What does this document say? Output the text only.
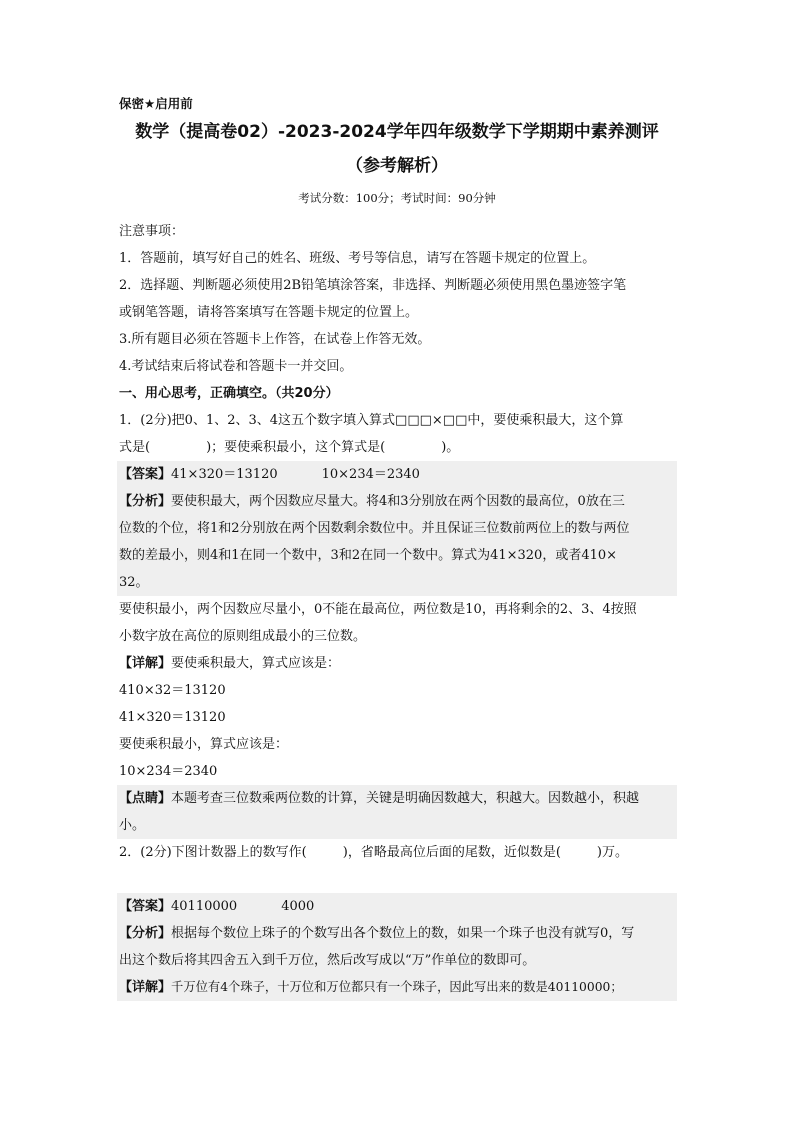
保密★启用前

数学（提高卷02）-2023-2024学年四年级数学下学期期中素养测评

（参考解析）

考试分数：100分；考试时间：90分钟

注意事项：

1．答题前，填写好自己的姓名、班级、考号等信息，请写在答题卡规定的位置上。

2．选择题、判断题必须使用2B铅笔填涂答案，非选择、判断题必须使用黑色墨迹签字笔

或钢笔答题，请将答案填写在答题卡规定的位置上。

3.所有题目必须在答题卡上作答，在试卷上作答无效。

4.考试结束后将试卷和答题卡一并交回。

一、用心思考，正确填空。（共20分）

1．(2分)把0、1、2、3、4这五个数字填入算式□□□×□□中，要使乘积最大，这个算

式是(	)；要使乘积最小，这个算式是(	)。

【答案】41×320＝13120	10×234＝2340

【分析】要使积最大，两个因数应尽量大。将4和3分别放在两个因数的最高位，0放在三

位数的个位，将1和2分别放在两个因数剩余数位中。并且保证三位数前两位上的数与两位

数的差最小，则4和1在同一个数中，3和2在同一个数中。算式为41×320，或者410×

32。

要使积最小，两个因数应尽量小，0不能在最高位，两位数是10，再将剩余的2、3、4按照

小数字放在高位的原则组成最小的三位数。

【详解】要使乘积最大，算式应该是：

410×32＝13120

41×320＝13120

要使乘积最小，算式应该是：

10×234＝2340

【点睛】本题考查三位数乘两位数的计算，关键是明确因数越大，积越大。因数越小，积越

小。

2．(2分)下图计数器上的数写作(	)，省略最高位后面的尾数，近似数是(	)万。

【答案】40110000	4000

【分析】根据每个数位上珠子的个数写出各个数位上的数，如果一个珠子也没有就写0，写

出这个数后将其四舍五入到千万位，然后改写成以“万”作单位的数即可。

【详解】千万位有4个珠子，十万位和万位都只有一个珠子，因此写出来的数是40110000；
